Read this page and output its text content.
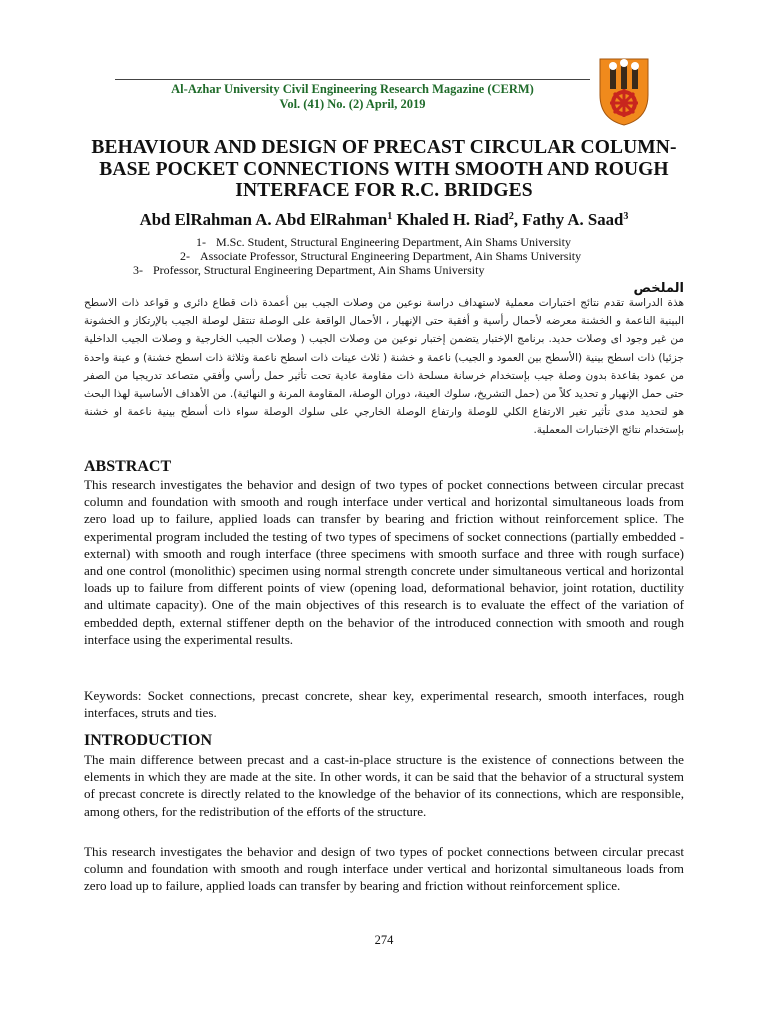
Al-Azhar University Civil Engineering Research Magazine (CERM)
Vol. (41) No. (2) April, 2019
BEHAVIOUR AND DESIGN OF PRECAST CIRCULAR COLUMN-BASE POCKET CONNECTIONS WITH SMOOTH AND ROUGH INTERFACE FOR R.C. BRIDGES
Abd ElRahman A. Abd ElRahman$^1$ Khaled H. Riad$^2$, Fathy A. Saad$^3$
1- M.Sc. Student, Structural Engineering Department, Ain Shams University
2- Associate Professor, Structural Engineering Department, Ain Shams University
3- Professor, Structural Engineering Department, Ain Shams University
الملخص
هذة الدراسة تقدم نتائج اختبارات معملية لاستهداف دراسة نوعين من وصلات الجيب بين أعمدة ذات قطاع دائرى و قواعد ذات الاسطح البينية الناعمة و الخشنة معرضه لأحمال رأسية و أفقية حتى الإنهيار ، الأحمال الواقعة على الوصلة تنتقل لوصلة الجيب بالإرتكاز و الخشونة من غير وجود اى وصلات حديد. برنامج الإختبار يتضمن إختبار نوعين من وصلات الجيب ( وصلات الجيب الخارجية و وصلات الجيب الداخلية جزئيا) ذات اسطح بينية (الأسطح بين العمود و الجيب) ناعمة و خشنة ( ثلاث عينات ذات اسطح ناعمة وثلاثة ذات اسطح خشنة) و عينة واحدة من عمود بقاعدة بدون وصلة جيب بإستخدام خرسانة مسلحة ذات مقاومة عادية تحت تأثير حمل رأسي وأفقي متصاعد تدريجيا من الصفر حتى حمل الإنهيار و تحديد كلاً من (حمل التشريخ، سلوك العينة، دوران الوصلة، المقاومة المرنة و النهائية). من الأهداف الأساسية لهذا البحث هو لتحديد مدى تأثير تغير الارتفاع الكلي للوصلة وارتفاع الوصلة الخارجي على سلوك الوصلة سواء ذات أسطح بينية ناعمة او خشنة بإستخدام نتائج الإختبارات المعملية.
ABSTRACT
This research investigates the behavior and design of two types of pocket connections between circular precast column and foundation with smooth and rough interface under vertical and horizontal simultaneous loads from zero load up to failure, applied loads can transfer by bearing and friction without reinforcement splice. The experimental program included the testing of two types of specimens of socket connections (partially embedded - external) with smooth and rough interface (three specimens with smooth surface and three with rough surface) and one control (monolithic) specimen using normal strength concrete under simultaneous vertical and horizontal loads up to failure from different points of view (opening load, deformational behavior, joint rotation, ductility and ultimate capacity). One of the main objectives of this research is to evaluate the effect of the variation of embedded depth, external stiffener depth on the behavior of the introduced connection with smooth and rough interface using the experimental results.
Keywords: Socket connections, precast concrete, shear key, experimental research, smooth interfaces, rough interfaces, struts and ties.
INTRODUCTION
The main difference between precast and a cast-in-place structure is the existence of connections between the elements in which they are made at the site. In other words, it can be said that the behavior of a structural system of precast concrete is directly related to the knowledge of the behavior of its connections, which are responsible, among others, for the redistribution of the efforts of the structure.
This research investigates the behavior and design of two types of pocket connections between circular precast column and foundation with smooth and rough interface under vertical and horizontal simultaneous loads from zero load up to failure, applied loads can transfer by bearing and friction without reinforcement splice.
274
